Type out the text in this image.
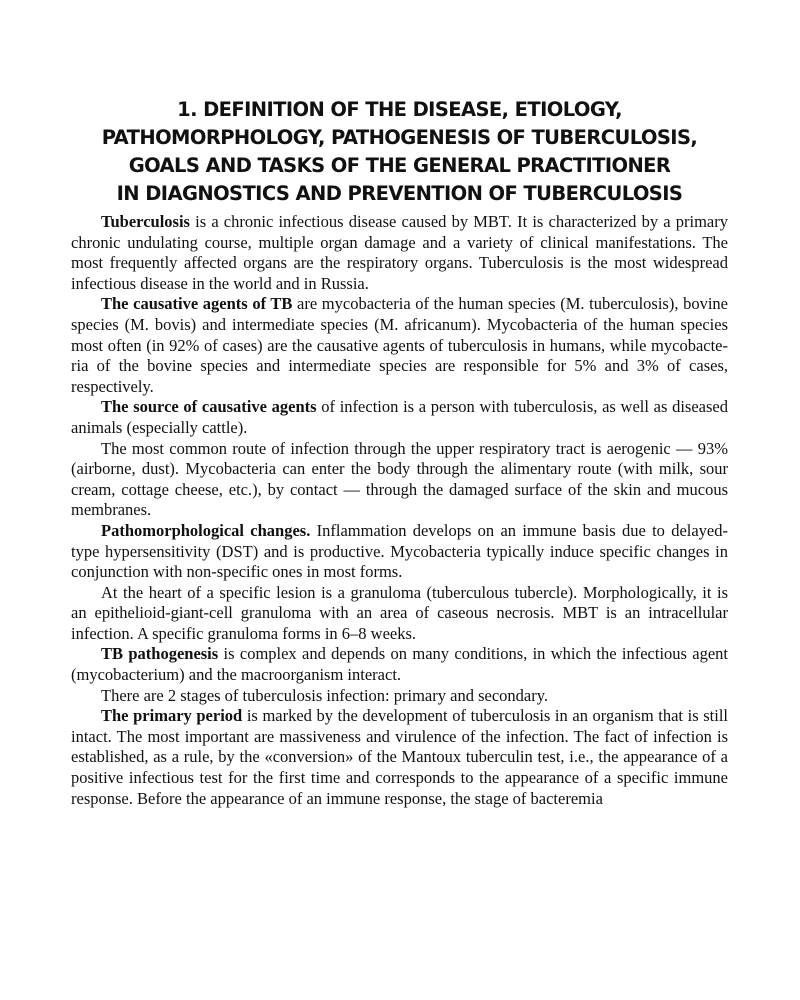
1. DEFINITION OF THE DISEASE, ETIOLOGY,
PATHOMORPHOLOGY, PATHOGENESIS OF TUBERCULOSIS,
GOALS AND TASKS OF THE GENERAL PRACTITIONER
IN DIAGNOSTICS AND PREVENTION OF TUBERCULOSIS

Tuberculosis is a chronic infectious disease caused by MBT. It is characterized by a primary chronic undulating course, multiple organ damage and a variety of clinical manifestations. The most frequently affected organs are the respiratory organs. Tuberculosis is the most widespread infectious disease in the world and in Russia.

The causative agents of TB are mycobacteria of the human species (M. tuberculosis), bovine species (M. bovis) and intermediate species (M. africanum). Mycobacteria of the human species most often (in 92% of cases) are the causative agents of tuberculosis in humans, while mycobacteria of the bovine species and intermediate species are responsible for 5% and 3% of cases, respectively.

The source of causative agents of infection is a person with tuberculosis, as well as diseased animals (especially cattle).

The most common route of infection through the upper respiratory tract is aerogenic — 93% (airborne, dust). Mycobacteria can enter the body through the alimentary route (with milk, sour cream, cottage cheese, etc.), by contact — through the damaged surface of the skin and mucous membranes.

Pathomorphological changes. Inflammation develops on an immune basis due to delayed-type hypersensitivity (DST) and is productive. Mycobacteria typically induce specific changes in conjunction with non-specific ones in most forms.

At the heart of a specific lesion is a granuloma (tuberculous tubercle). Morphologically, it is an epithelioid-giant-cell granuloma with an area of caseous necrosis. MBT is an intracellular infection. A specific granuloma forms in 6–8 weeks.

TB pathogenesis is complex and depends on many conditions, in which the infectious agent (mycobacterium) and the macroorganism interact.

There are 2 stages of tuberculosis infection: primary and secondary.

The primary period is marked by the development of tuberculosis in an organism that is still intact. The most important are massiveness and virulence of the infection. The fact of infection is established, as a rule, by the «conversion» of the Mantoux tuberculin test, i.e., the appearance of a positive infectious test for the first time and corresponds to the appearance of a specific immune response. Before the appearance of an immune response, the stage of bacteremia
